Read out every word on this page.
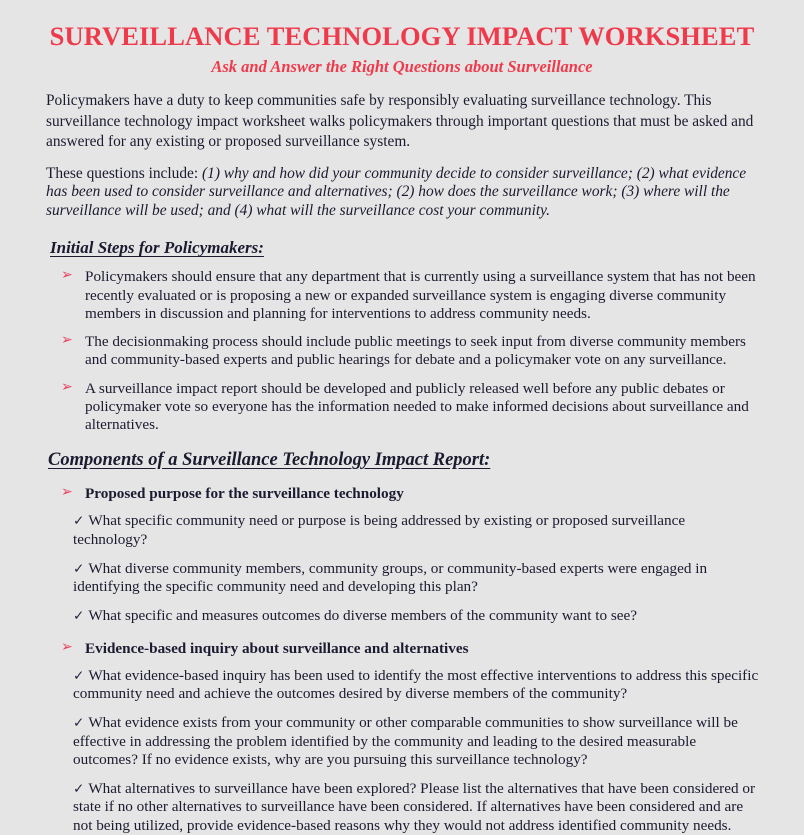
SURVEILLANCE TECHNOLOGY IMPACT WORKSHEET
Ask and Answer the Right Questions about Surveillance

Policymakers have a duty to keep communities safe by responsibly evaluating surveillance technology. This surveillance technology impact worksheet walks policymakers through important questions that must be asked and answered for any existing or proposed surveillance system.

These questions include: (1) why and how did your community decide to consider surveillance; (2) what evidence has been used to consider surveillance and alternatives; (2) how does the surveillance work; (3) where will the surveillance will be used; and (4) what will the surveillance cost your community.

Initial Steps for Policymakers:
➢ Policymakers should ensure that any department that is currently using a surveillance system that has not been recently evaluated or is proposing a new or expanded surveillance system is engaging diverse community members in discussion and planning for interventions to address community needs.
➢ The decisionmaking process should include public meetings to seek input from diverse community members and community-based experts and public hearings for debate and a policymaker vote on any surveillance.
➢ A surveillance impact report should be developed and publicly released well before any public debates or policymaker vote so everyone has the information needed to make informed decisions about surveillance and alternatives.
Components of a Surveillance Technology Impact Report:
➢ Proposed purpose for the surveillance technology
✓ What specific community need or purpose is being addressed by existing or proposed surveillance technology?
✓ What diverse community members, community groups, or community-based experts were engaged in identifying the specific community need and developing this plan?
✓ What specific and measures outcomes do diverse members of the community want to see?
➢ Evidence-based inquiry about surveillance and alternatives
✓ What evidence-based inquiry has been used to identify the most effective interventions to address this specific community need and achieve the outcomes desired by diverse members of the community?
✓ What evidence exists from your community or other comparable communities to show surveillance will be effective in addressing the problem identified by the community and leading to the desired measurable outcomes? If no evidence exists, why are you pursuing this surveillance technology?
✓ What alternatives to surveillance have been explored? Please list the alternatives that have been considered or state if no other alternatives to surveillance have been considered. If alternatives have been considered and are not being utilized, provide evidence-based reasons why they would not address identified community needs.
